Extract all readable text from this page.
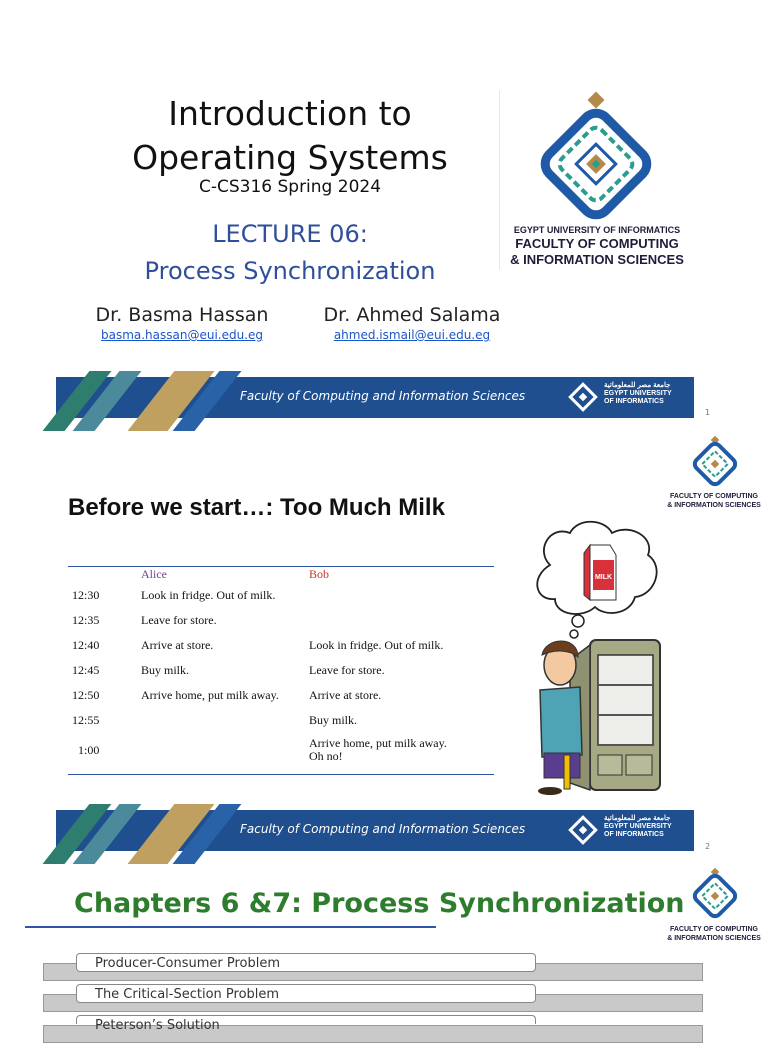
Introduction to
Operating Systems
C-CS316 Spring 2024
LECTURE 06:
Process Synchronization
EGYPT UNIVERSITY OF INFORMATICS
FACULTY OF COMPUTING
& INFORMATION SCIENCES
Dr. Basma Hassan
basma.hassan@eui.edu.eg
Dr. Ahmed Salama
ahmed.ismail@eui.edu.eg
Faculty of Computing and Information Sciences
جامعة مصر للمعلوماتية
EGYPT UNIVERSITY
OF INFORMATICS
1
FACULTY OF COMPUTING
& INFORMATION SCIENCES
Before we start…: Too Much Milk
	Alice	Bob
12:30	Look in fridge. Out of milk.	
12:35	Leave for store.	
12:40	Arrive at store.	Look in fridge. Out of milk.
12:45	Buy milk.	Leave for store.
12:50	Arrive home, put milk away.	Arrive at store.
12:55		Buy milk.
1:00		Arrive home, put milk away.
Oh no!
MILK
Faculty of Computing and Information Sciences
جامعة مصر للمعلوماتية
EGYPT UNIVERSITY
OF INFORMATICS
2
FACULTY OF COMPUTING
& INFORMATION SCIENCES
Chapters 6 &7: Process Synchronization
Producer-Consumer Problem
The Critical-Section Problem
